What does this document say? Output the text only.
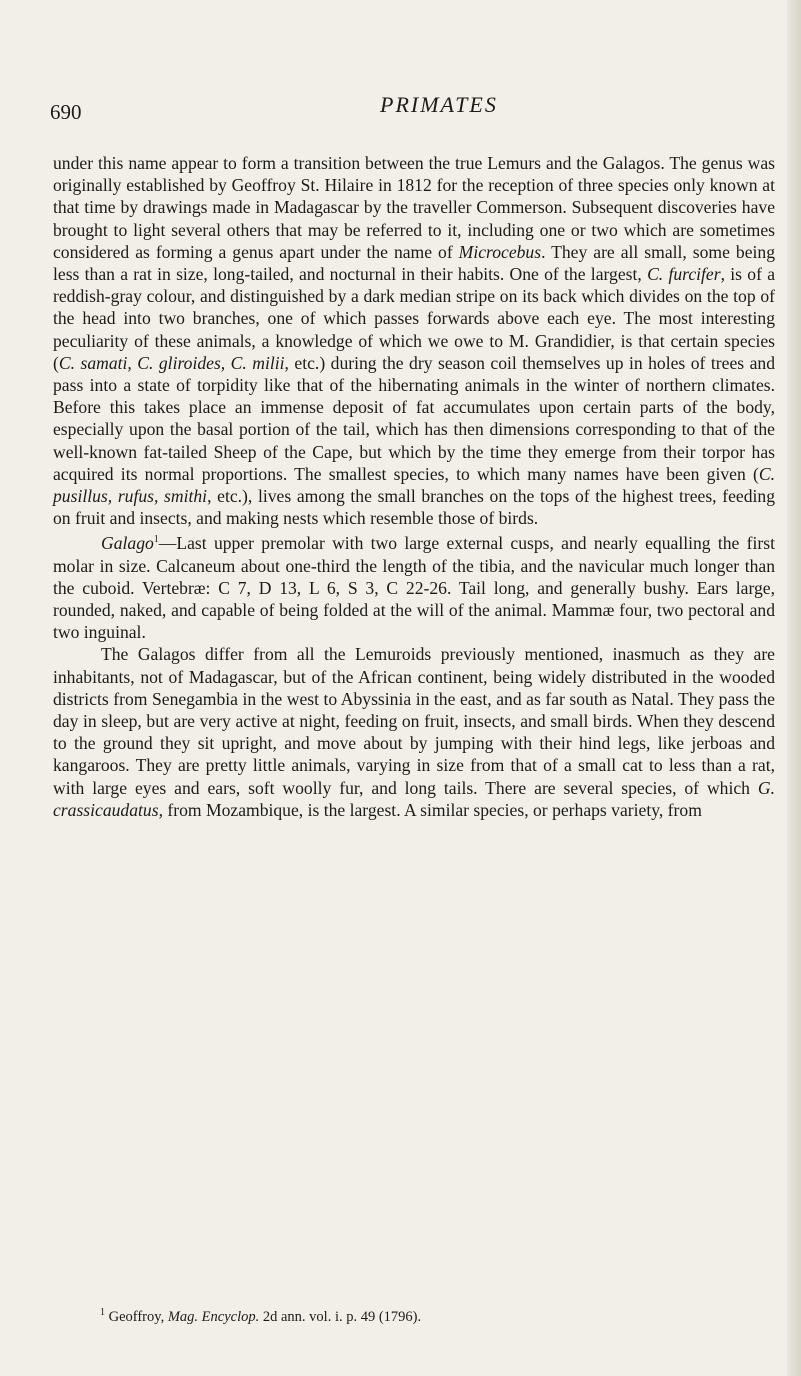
690	PRIMATES

under this name appear to form a transition between the true Lemurs and the Galagos. The genus was originally established by Geoffroy St. Hilaire in 1812 for the reception of three species only known at that time by drawings made in Madagascar by the traveller Commerson. Subsequent discoveries have brought to light several others that may be referred to it, including one or two which are sometimes considered as forming a genus apart under the name of Microcebus. They are all small, some being less than a rat in size, long-tailed, and nocturnal in their habits. One of the largest, C. furcifer, is of a reddish-gray colour, and distinguished by a dark median stripe on its back which divides on the top of the head into two branches, one of which passes forwards above each eye. The most interesting peculiarity of these animals, a knowledge of which we owe to M. Grandidier, is that certain species (C. samati, C. gliroides, C. milii, etc.) during the dry season coil themselves up in holes of trees and pass into a state of torpidity like that of the hibernating animals in the winter of northern climates. Before this takes place an immense deposit of fat accumulates upon certain parts of the body, especially upon the basal portion of the tail, which has then dimensions corresponding to that of the well-known fat-tailed Sheep of the Cape, but which by the time they emerge from their torpor has acquired its normal proportions. The smallest species, to which many names have been given (C. pusillus, rufus, smithi, etc.), lives among the small branches on the tops of the highest trees, feeding on fruit and insects, and making nests which resemble those of birds.

Galago$^1$—Last upper premolar with two large external cusps, and nearly equalling the first molar in size. Calcaneum about one-third the length of the tibia, and the navicular much longer than the cuboid. Vertebræ: C 7, D 13, L 6, S 3, C 22-26. Tail long, and generally bushy. Ears large, rounded, naked, and capable of being folded at the will of the animal. Mammæ four, two pectoral and two inguinal.

The Galagos differ from all the Lemuroids previously mentioned, inasmuch as they are inhabitants, not of Madagascar, but of the African continent, being widely distributed in the wooded districts from Senegambia in the west to Abyssinia in the east, and as far south as Natal. They pass the day in sleep, but are very active at night, feeding on fruit, insects, and small birds. When they descend to the ground they sit upright, and move about by jumping with their hind legs, like jerboas and kangaroos. They are pretty little animals, varying in size from that of a small cat to less than a rat, with large eyes and ears, soft woolly fur, and long tails. There are several species, of which G. crassicaudatus, from Mozambique, is the largest. A similar species, or perhaps variety, from

$^1$ Geoffroy, Mag. Encyclop. 2d ann. vol. i. p. 49 (1796).
